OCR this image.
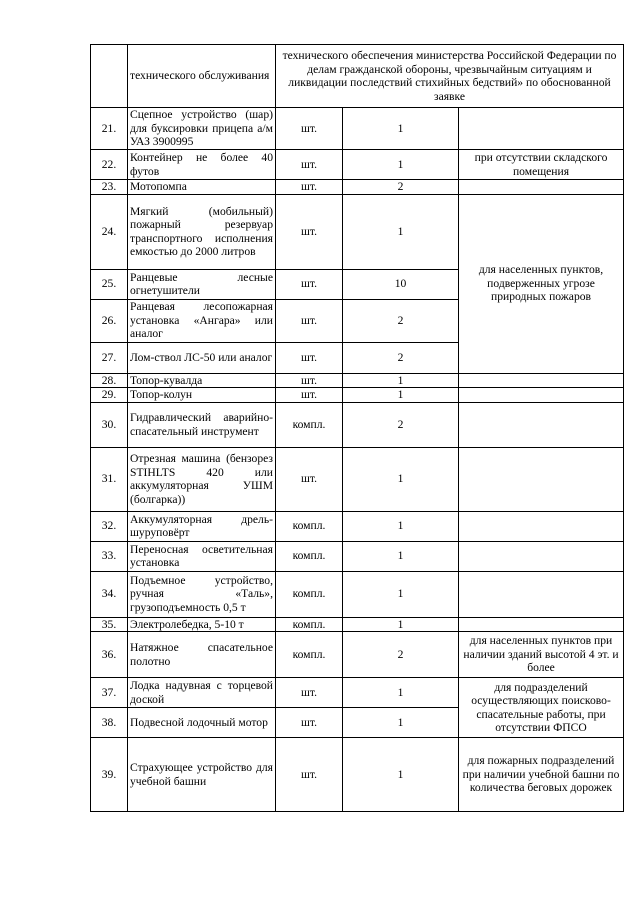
	технического обслуживания	технического обеспечения министерства Российской Федерации по делам гражданской обороны, чрезвычайным ситуациям и ликвидации последствий стихийных бедствий» по обоснованной заявке		
21.	Сцепное устройство (шар) для буксировки прицепа а/м УАЗ 3900995	шт.	1	
22.	Контейнер не более 40 футов	шт.	1	при отсутствии складского помещения
23.	Мотопомпа	шт.	2	
24.	Мягкий (мобильный) пожарный резервуар транспортного исполнения емкостью до 2000 литров	шт.	1	для населенных пунктов, подверженных угрозе природных пожаров
25.	Ранцевые лесные огнетушители	шт.	10	
26.	Ранцевая лесопожарная установка «Ангара» или аналог	шт.	2	
27.	Лом-ствол ЛС-50 или аналог	шт.	2	
28.	Топор-кувалда	шт.	1	
29.	Топор-колун	шт.	1	
30.	Гидравлический аварийно-спасательный инструмент	компл.	2	
31.	Отрезная машина (бензорез STIHLTS 420 или аккумуляторная УШМ (болгарка))	шт.	1	
32.	Аккумуляторная дрель-шуруповёрт	компл.	1	
33.	Переносная осветительная установка	компл.	1	
34.	Подъемное устройство, ручная «Таль», грузоподъемность 0,5 т	компл.	1	
35.	Электролебедка, 5-10 т	компл.	1	
36.	Натяжное спасательное полотно	компл.	2	для населенных пунктов при наличии зданий высотой 4 эт. и более
37.	Лодка надувная с торцевой доской	шт.	1	для подразделений осуществляющих поисково-спасательные работы, при отсутствии ФПСО
38.	Подвесной лодочный мотор	шт.	1	
39.	Страхующее устройство для учебной башни	шт.	1	для пожарных подразделений при наличии учебной башни по количества беговых дорожек
